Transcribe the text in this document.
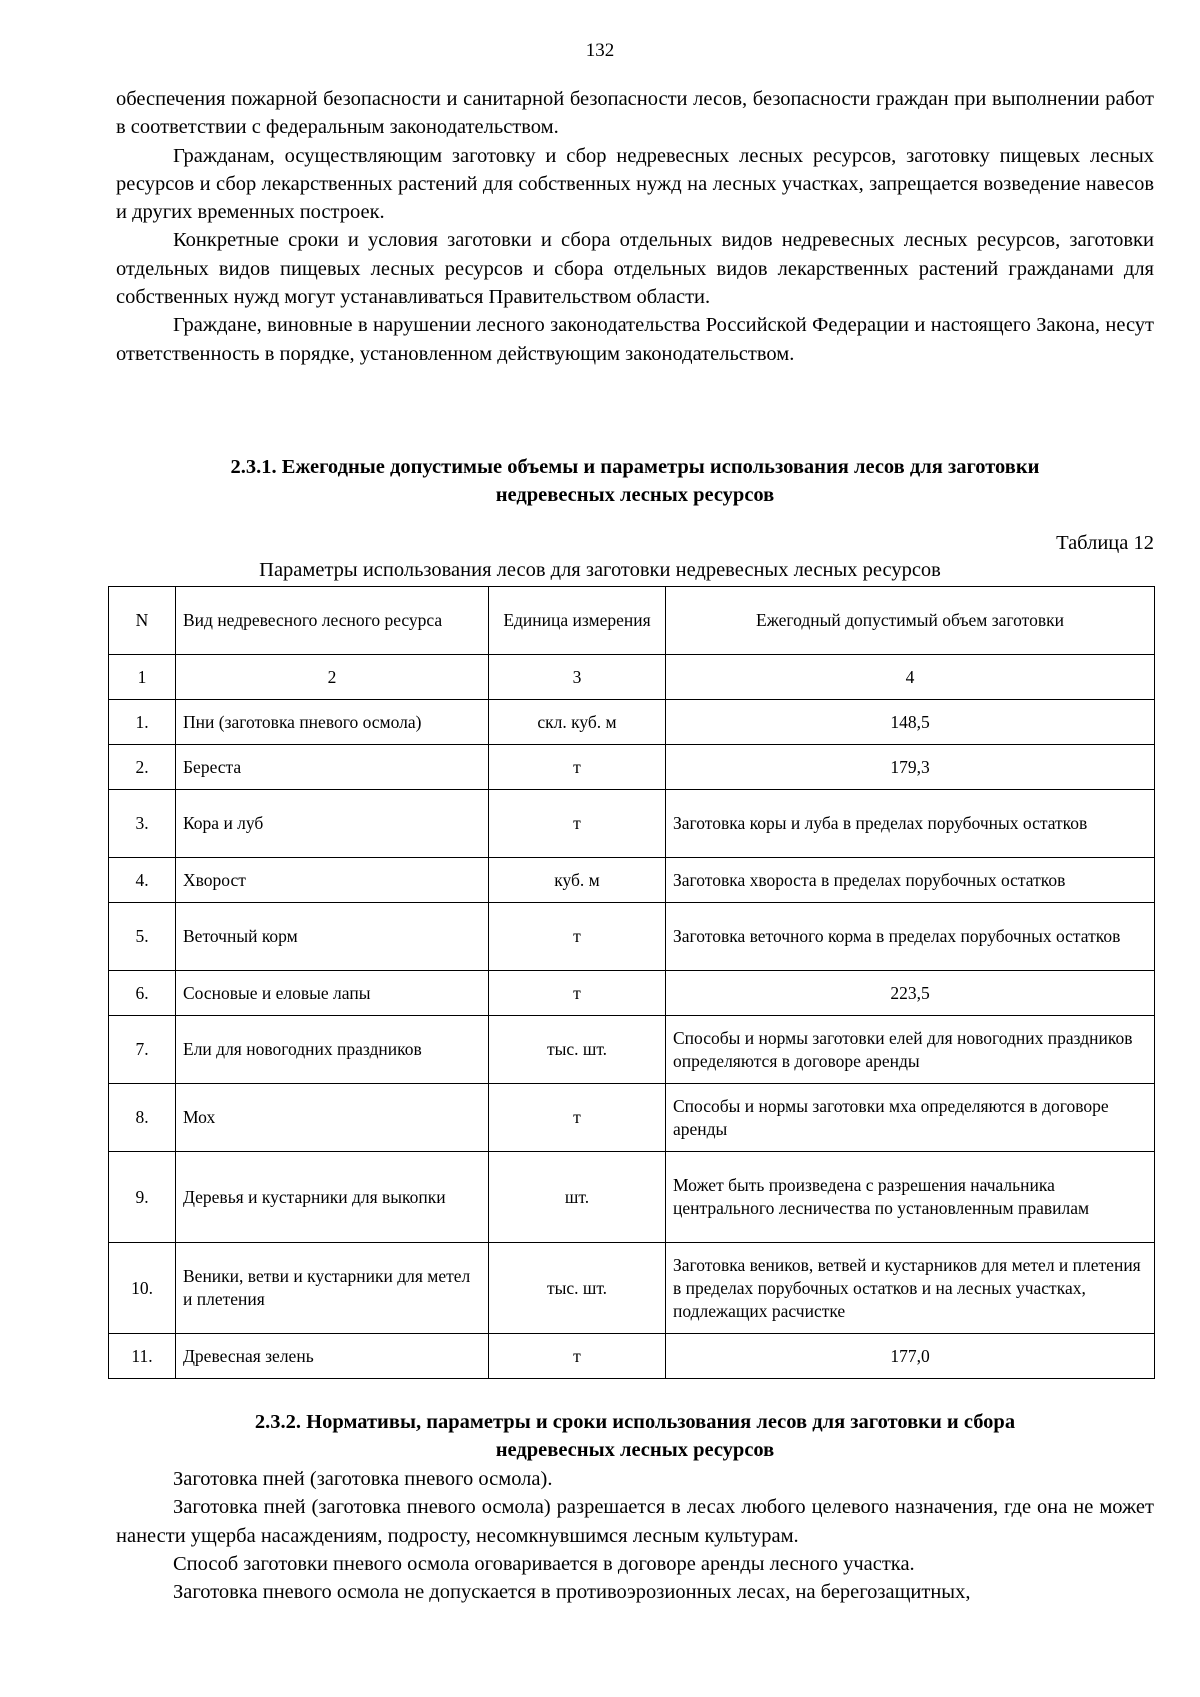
132

обеспечения пожарной безопасности и санитарной безопасности лесов, безопасности граждан при выполнении работ в соответствии с федеральным законодательством.

Гражданам, осуществляющим заготовку и сбор недревесных лесных ресурсов, заготовку пищевых лесных ресурсов и сбор лекарственных растений для собственных нужд на лесных участках, запрещается возведение навесов и других временных построек.

Конкретные сроки и условия заготовки и сбора отдельных видов недревесных лесных ресурсов, заготовки отдельных видов пищевых лесных ресурсов и сбора отдельных видов лекарственных растений гражданами для собственных нужд могут устанавливаться Правительством области.

Граждане, виновные в нарушении лесного законодательства Российской Федерации и настоящего Закона, несут ответственность в порядке, установленном действующим законодательством.

2.3.1. Ежегодные допустимые объемы и параметры использования лесов для заготовки
недревесных лесных ресурсов
Таблица 12
Параметры использования лесов для заготовки недревесных лесных ресурсов
N	Вид недревесного лесного ресурса	Единица измерения	Ежегодный допустимый объем заготовки
1	2	3	4
1.	Пни (заготовка пневого осмола)	скл. куб. м	148,5
2.	Береста	т	179,3
3.	Кора и луб	т	Заготовка коры и луба в пределах порубочных остатков
4.	Хворост	куб. м	Заготовка хвороста в пределах порубочных остатков
5.	Веточный корм	т	Заготовка веточного корма в пределах порубочных остатков
6.	Сосновые и еловые лапы	т	223,5
7.	Ели для новогодних праздников	тыс. шт.	Способы и нормы заготовки елей для новогодних праздников определяются в договоре аренды
8.	Мох	т	Способы и нормы заготовки мха определяются в договоре аренды
9.	Деревья и кустарники для выкопки	шт.	Может быть произведена с разрешения начальника центрального лесничества по установленным правилам
10.	Веники, ветви и кустарники для метел и плетения	тыс. шт.	Заготовка веников, ветвей и кустарников для метел и плетения в пределах порубочных остатков и на лесных участках, подлежащих расчистке
11.	Древесная зелень	т	177,0
2.3.2. Нормативы, параметры и сроки использования лесов для заготовки и сбора
недревесных лесных ресурсов

Заготовка пней (заготовка пневого осмола).

Заготовка пней (заготовка пневого осмола) разрешается в лесах любого целевого назначения, где она не может нанести ущерба насаждениям, подросту, несомкнувшимся лесным культурам.

Способ заготовки пневого осмола оговаривается в договоре аренды лесного участка.

Заготовка пневого осмола не допускается в противоэрозионных лесах, на берегозащитных,
